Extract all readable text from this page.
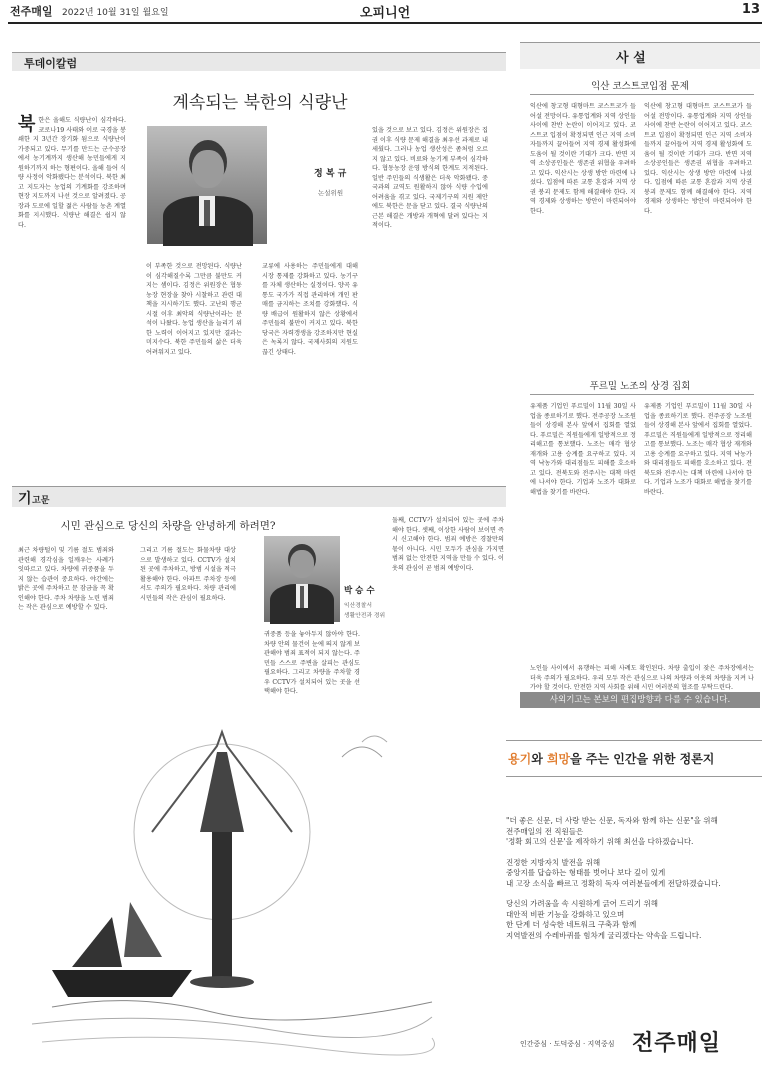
전주매일 2022년 10월 31일 월요일	오피니언	13
투데이칼럼
계속되는 북한의 식량난
북 한은 올해도 식량난이 심각하다. 코로나19 사태와 이로 국경을 봉쇄한 지 3년간 장기화 됨으로 식량난이 가중되고 있다. 무기를 만드는 군수공장에서 농기계까지 생산해 농민들에게 지원하기까지 하는 형편이다. 올해 들어 식량 사정이 악화됐다는 분석이다. 북한 최고 지도자는 농업의 기계화를 강조하며 현장 지도까지 나선 것으로 알려졌다. 공장과 도로에 일할 젊은 사람들 농촌 계열화를 지시했다. 식량난 해결은 쉽지 않다.
정 복 규
논설위원
이 부족한 것으로 전망된다. 식량난이 심각해질수록 그만큼 불만도 커지는 셈이다. 김정은 위원장은 협동농장 현장을 찾아 시찰하고 관련 대책을 지시하기도 했다. 고난의 행군 시절 이후 최악의 식량난이라는 분석이 나왔다. 농업 생산을 늘리기 위한 노력이 이어지고 있지만 결과는 미지수다. 북한 주민들의 삶은 더욱 어려워지고 있다.
교류에 사용하는 주민들에게 대해 시장 통제를 강화하고 있다. 농기구를 자체 생산하는 실정이다. 양곡 유통도 국가가 직접 관리하며 개인 판매를 금지하는 조치를 강화했다. 식량 배급이 원활하지 않은 상황에서 주민들의 불만이 커지고 있다. 북한 당국은 자력갱생을 강조하지만 현실은 녹록지 않다. 국제사회의 지원도 끊긴 상태다.
있을 것으로 보고 있다. 김정은 위원장은 집권 이후 식량 문제 해결을 최우선 과제로 내세웠다. 그러나 농업 생산성은 좀처럼 오르지 않고 있다. 비료와 농기계 부족이 심각하다. 협동농장 운영 방식의 한계도 지적된다. 일반 주민들의 식생활은 더욱 악화됐다. 중국과의 교역도 원활하지 않아 식량 수입에 어려움을 겪고 있다. 국제기구의 지원 제안에도 북한은 문을 닫고 있다. 결국 식량난의 근본 해결은 개방과 개혁에 달려 있다는 지적이다.
사 설
익산 코스트코입점 문제
익산에 창고형 대형마트 코스트코가 들어설 전망이다. 유통업계와 지역 상인들 사이에 찬반 논란이 이어지고 있다. 코스트코 입점이 확정되면 인근 지역 소비자들까지 끌어들여 지역 경제 활성화에 도움이 될 것이란 기대가 크다. 반면 지역 소상공인들은 생존권 위협을 우려하고 있다. 익산시는 상생 방안 마련에 나섰다. 입점에 따른 교통 혼잡과 지역 상권 붕괴 문제도 함께 해결해야 한다. 지역 경제와 상생하는 방안이 마련되어야 한다.
익산에 창고형 대형마트 코스트코가 들어설 전망이다. 유통업계와 지역 상인들 사이에 찬반 논란이 이어지고 있다. 코스트코 입점이 확정되면 인근 지역 소비자들까지 끌어들여 지역 경제 활성화에 도움이 될 것이란 기대가 크다. 반면 지역 소상공인들은 생존권 위협을 우려하고 있다. 익산시는 상생 방안 마련에 나섰다. 입점에 따른 교통 혼잡과 지역 상권 붕괴 문제도 함께 해결해야 한다. 지역 경제와 상생하는 방안이 마련되어야 한다.
푸르밀 노조의 상경 집회
유제품 기업인 푸르밀이 11월 30일 사업을 종료하기로 했다. 전주공장 노조원들이 상경해 본사 앞에서 집회를 열었다. 푸르밀은 직원들에게 일방적으로 정리해고를 통보했다. 노조는 매각 협상 재개와 고용 승계를 요구하고 있다. 지역 낙농가와 대리점들도 피해를 호소하고 있다. 전북도와 전주시는 대책 마련에 나서야 한다. 기업과 노조가 대화로 해법을 찾기를 바란다.
유제품 기업인 푸르밀이 11월 30일 사업을 종료하기로 했다. 전주공장 노조원들이 상경해 본사 앞에서 집회를 열었다. 푸르밀은 직원들에게 일방적으로 정리해고를 통보했다. 노조는 매각 협상 재개와 고용 승계를 요구하고 있다. 지역 낙농가와 대리점들도 피해를 호소하고 있다. 전북도와 전주시는 대책 마련에 나서야 한다. 기업과 노조가 대화로 해법을 찾기를 바란다.
기 고문
시민 관심으로 당신의 차량을 안녕하게 하려면?
최근 차량털이 및 기름 절도 범죄와 관련해 경각심을 일깨우는 사례가 잇따르고 있다. 차량에 귀중품을 두지 않는 습관이 중요하다. 야간에는 밝은 곳에 주차하고 문 잠금을 꼭 확인해야 한다. 주차 차량을 노린 범죄는 작은 관심으로 예방할 수 있다.
그리고 기름 절도는 화물차량 대상으로 발생하고 있다. CCTV가 설치된 곳에 주차하고, 방범 시설을 적극 활용해야 한다. 아파트 주차장 등에서도 주의가 필요하다. 차량 관리에 시민들의 작은 관심이 필요하다.
박 승 수
익산경찰서
생활안전과 경위
귀중품 등을 놓아두지 않아야 한다. 차량 안의 물건이 눈에 띄지 않게 보관해야 범죄 표적이 되지 않는다. 주민들 스스로 주변을 살피는 관심도 필요하다. 그리고 차량을 주차할 경우 CCTV가 설치되어 있는 곳을 선택해야 한다.
둘째, CCTV가 설치되어 있는 곳에 주차해야 한다. 셋째, 이상한 사람이 보이면 즉시 신고해야 한다. 범죄 예방은 경찰만의 몫이 아니다. 시민 모두가 관심을 가지면 범죄 없는 안전한 지역을 만들 수 있다. 이웃의 관심이 곧 범죄 예방이다.
노인들 사이에서 유행하는 피해 사례도 확인된다. 차량 출입이 잦은 주차장에서는 더욱 주의가 필요하다. 우리 모두 작은 관심으로 나의 차량과 이웃의 차량을 지켜 나가야 할 것이다. 안전한 지역 사회를 위해 시민 여러분의 협조를 부탁드린다.
사외기고는 본보의 편집방향과 다를 수 있습니다.
용기와 희망을 주는 인간을 위한 정론지
"더 좋은 신문, 더 사랑 받는 신문, 독자와 함께 하는 신문"을 위해
전주매일의 전 직원들은
'정확 회고의 신문'을 제작하기 위해 최선을 다하겠습니다.
진정한 지방자치 발전을 위해
중앙지를 답습하는 형태를 벗어나 보다 깊이 있게
내 고장 소식을 빠르고 정확히 독자 여러분들에게 전달하겠습니다.
당신의 가려움을 속 시원하게 긁어 드리기 위해
대안적 비판 기능을 강화하고 있으며
한 단계 더 성숙한 네트워크 구축과 함께
지역발전의 수레바퀴를 힘차게 굴리겠다는 약속을 드립니다.
인간중심 · 도덕중심 · 지역중심 전주매일
